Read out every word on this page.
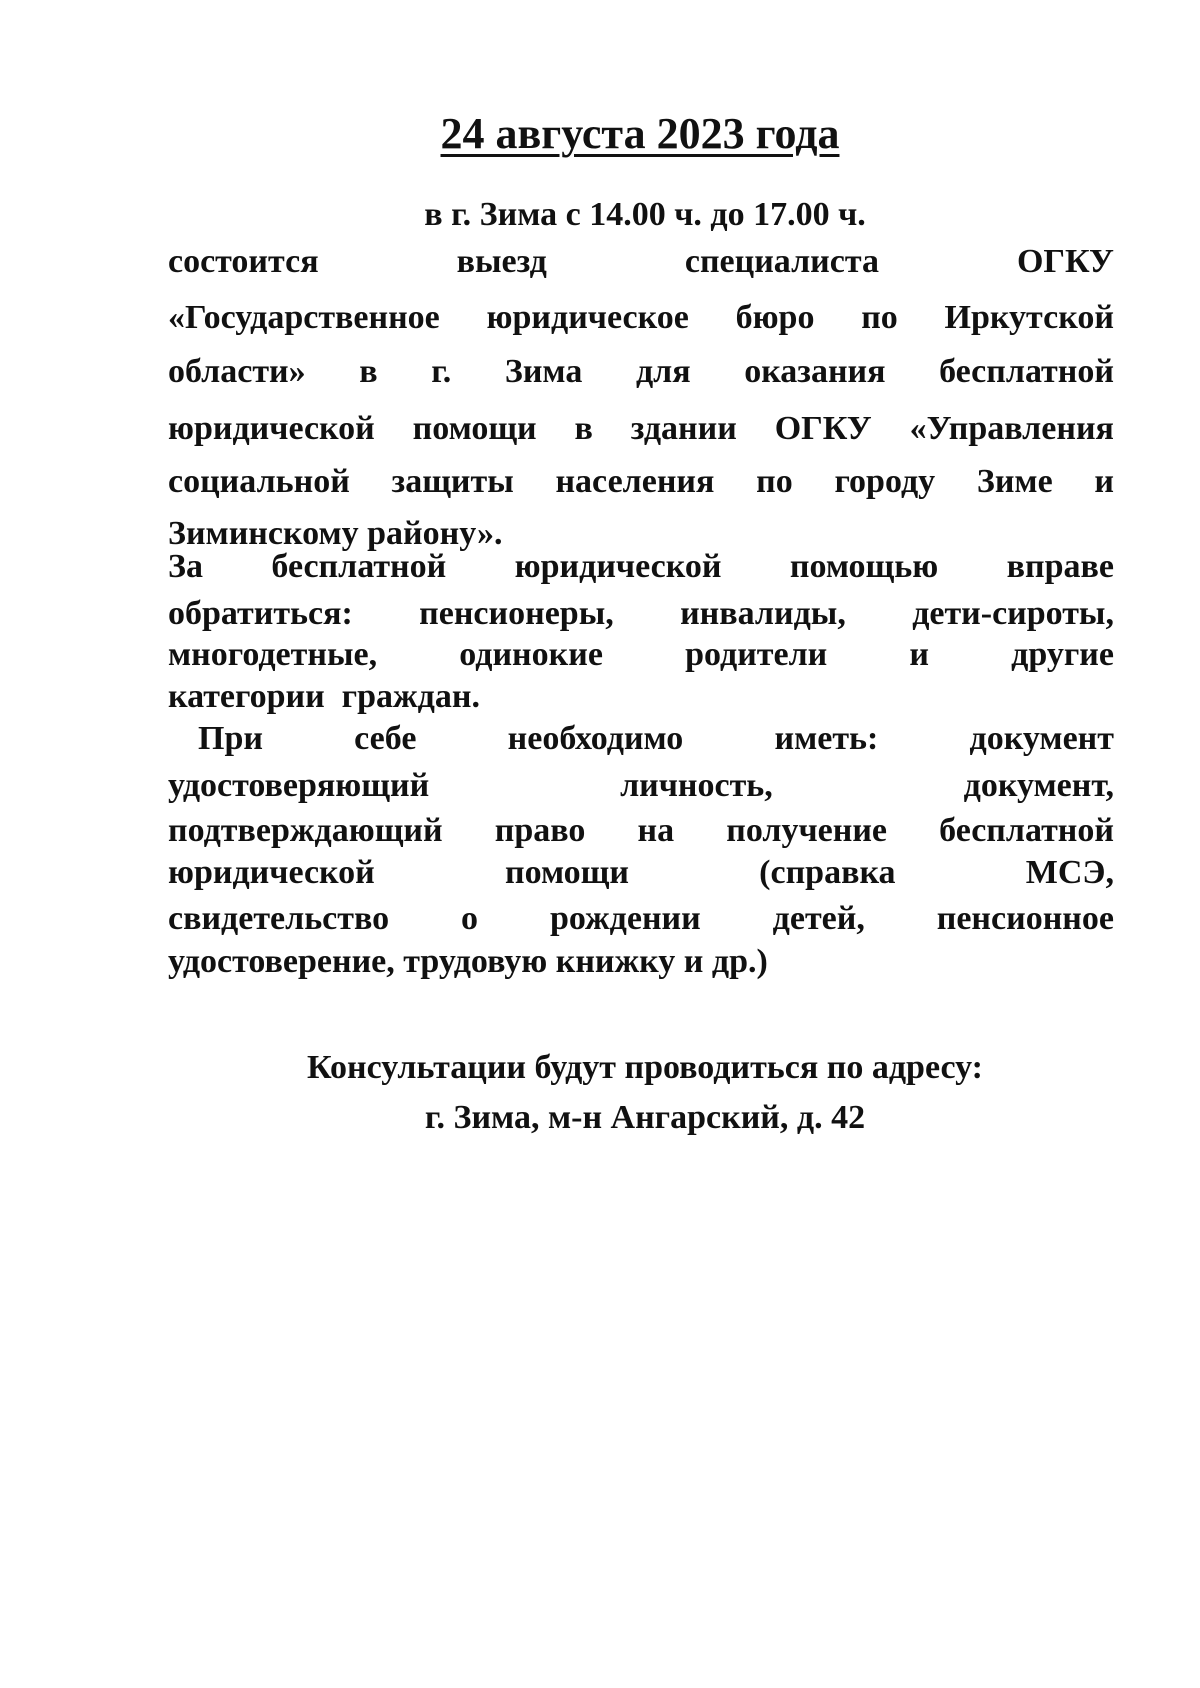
24 августа 2023 года
в г. Зима с 14.00 ч. до 17.00 ч.
состоится	выезд	специалиста	ОГКУ
«Государственное юридическое бюро по Иркутской
области» в г. Зима для оказания бесплатной
юридической помощи в здании ОГКУ «Управления
социальной защиты населения по городу Зиме и
Зиминскому району».
За бесплатной юридической помощью вправе
обратиться: пенсионеры, инвалиды, дети-сироты,
многодетные, одинокие родители и другие
категории  граждан.
При	себе	необходимо	иметь:	документ
удостоверяющий	личность,	документ,
подтверждающий право на получение бесплатной
юридической	помощи	(справка	МСЭ,
свидетельство о рождении детей, пенсионное
удостоверение, трудовую книжку и др.)
Консультации будут проводиться по адресу:
г. Зима, м-н Ангарский, д. 42
